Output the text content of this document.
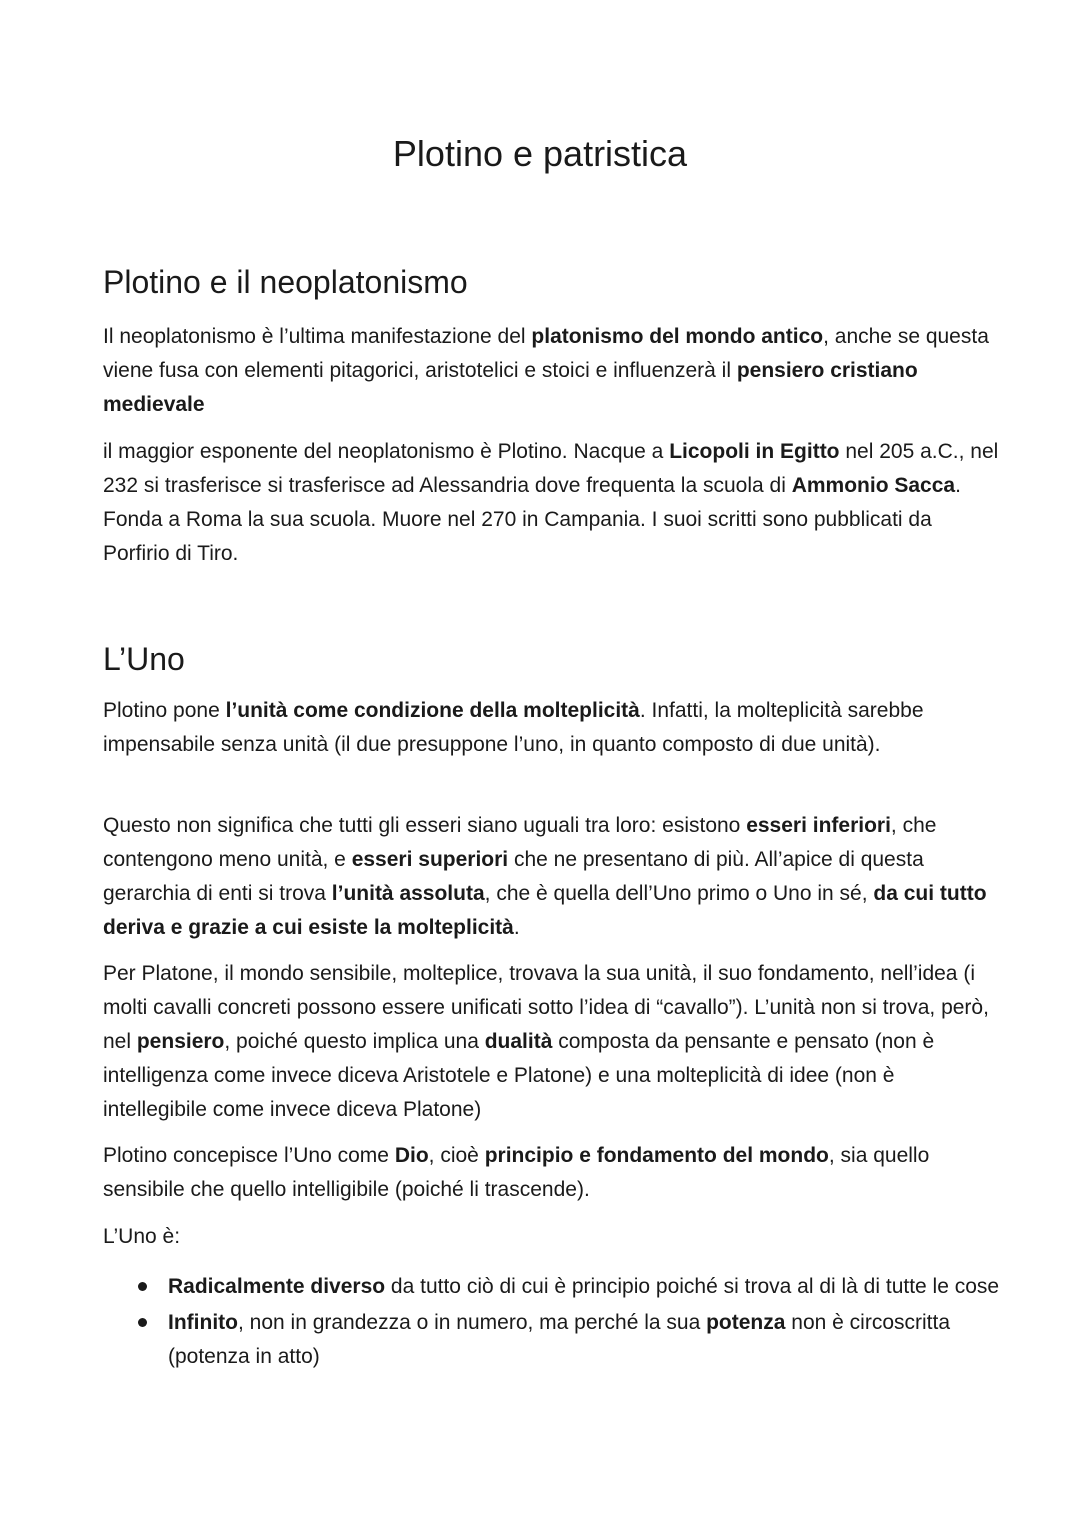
Plotino e patristica
Plotino e il neoplatonismo

Il neoplatonismo è l’ultima manifestazione del platonismo del mondo antico, anche se questa viene fusa con elementi pitagorici, aristotelici e stoici e influenzerà il pensiero cristiano medievale

il maggior esponente del neoplatonismo è Plotino. Nacque a Licopoli in Egitto nel 205 a.C., nel 232 si trasferisce si trasferisce ad Alessandria dove frequenta la scuola di Ammonio Sacca. Fonda a Roma la sua scuola. Muore nel 270 in Campania. I suoi scritti sono pubblicati da Porfirio di Tiro.

L’Uno

Plotino pone l’unità come condizione della molteplicità. Infatti, la molteplicità sarebbe impensabile senza unità (il due presuppone l’uno, in quanto composto di due unità).

Questo non significa che tutti gli esseri siano uguali tra loro: esistono esseri inferiori, che contengono meno unità, e esseri superiori che ne presentano di più. All’apice di questa gerarchia di enti si trova l’unità assoluta, che è quella dell’Uno primo o Uno in sé, da cui tutto deriva e grazie a cui esiste la molteplicità.

Per Platone, il mondo sensibile, molteplice, trovava la sua unità, il suo fondamento, nell’idea (i molti cavalli concreti possono essere unificati sotto l’idea di “cavallo”). L’unità non si trova, però, nel pensiero, poiché questo implica una dualità composta da pensante e pensato (non è intelligenza come invece diceva Aristotele e Platone) e una molteplicità di idee (non è intellegibile come invece diceva Platone)

Plotino concepisce l’Uno come Dio, cioè principio e fondamento del mondo, sia quello sensibile che quello intelligibile (poiché li trascende).

L’Uno è:

Radicalmente diverso da tutto ciò di cui è principio poiché si trova al di là di tutte le cose
Infinito, non in grandezza o in numero, ma perché la sua potenza non è circoscritta (potenza in atto)
